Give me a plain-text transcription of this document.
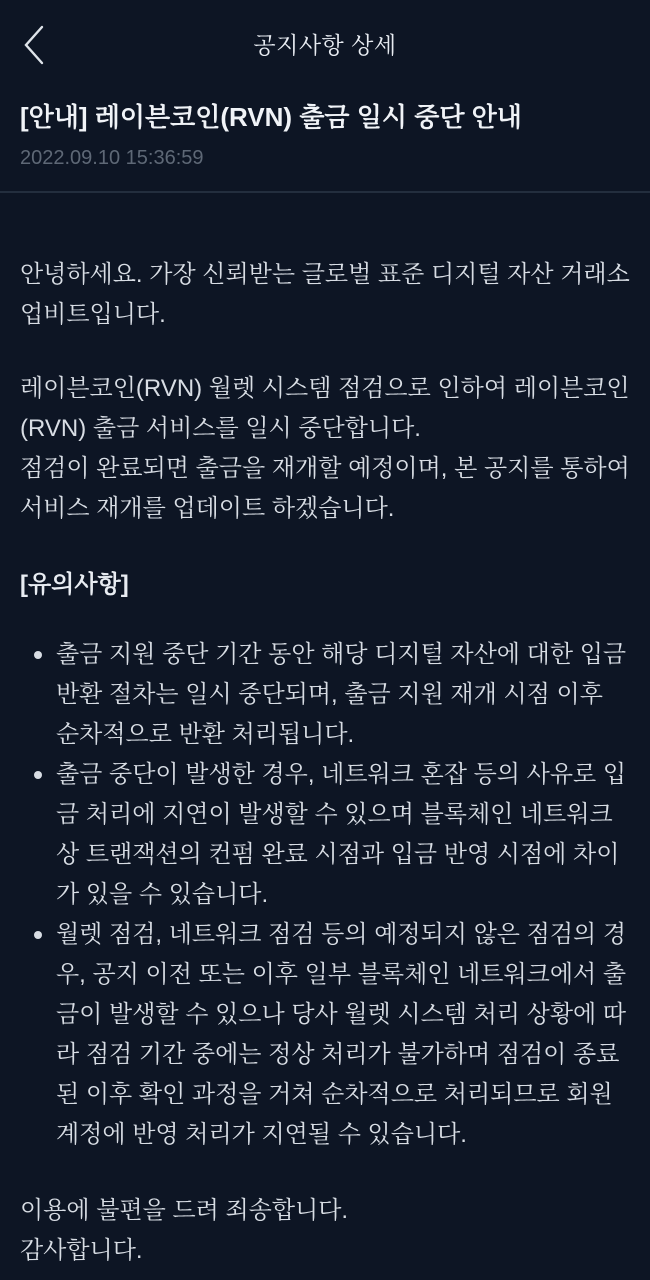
공지사항 상세
[안내] 레이븐코인(RVN) 출금 일시 중단 안내
2022.09.10 15:36:59

안녕하세요. 가장 신뢰받는 글로벌 표준 디지털 자산 거래소 업비트입니다.

레이븐코인(RVN) 월렛 시스템 점검으로 인하여 레이븐코인(RVN) 출금 서비스를 일시 중단합니다.
점검이 완료되면 출금을 재개할 예정이며, 본 공지를 통하여 서비스 재개를 업데이트 하겠습니다.

[유의사항]

출금 지원 중단 기간 동안 해당 디지털 자산에 대한 입금 반환 절차는 일시 중단되며, 출금 지원 재개 시점 이후 순차적으로 반환 처리됩니다.
출금 중단이 발생한 경우, 네트워크 혼잡 등의 사유로 입금 처리에 지연이 발생할 수 있으며 블록체인 네트워크상 트랜잭션의 컨펌 완료 시점과 입금 반영 시점에 차이가 있을 수 있습니다.
월렛 점검, 네트워크 점검 등의 예정되지 않은 점검의 경우, 공지 이전 또는 이후 일부 블록체인 네트워크에서 출금이 발생할 수 있으나 당사 월렛 시스템 처리 상황에 따라 점검 기간 중에는 정상 처리가 불가하며 점검이 종료된 이후 확인 과정을 거쳐 순차적으로 처리되므로 회원 계정에 반영 처리가 지연될 수 있습니다.
이용에 불편을 드려 죄송합니다.
감사합니다.
